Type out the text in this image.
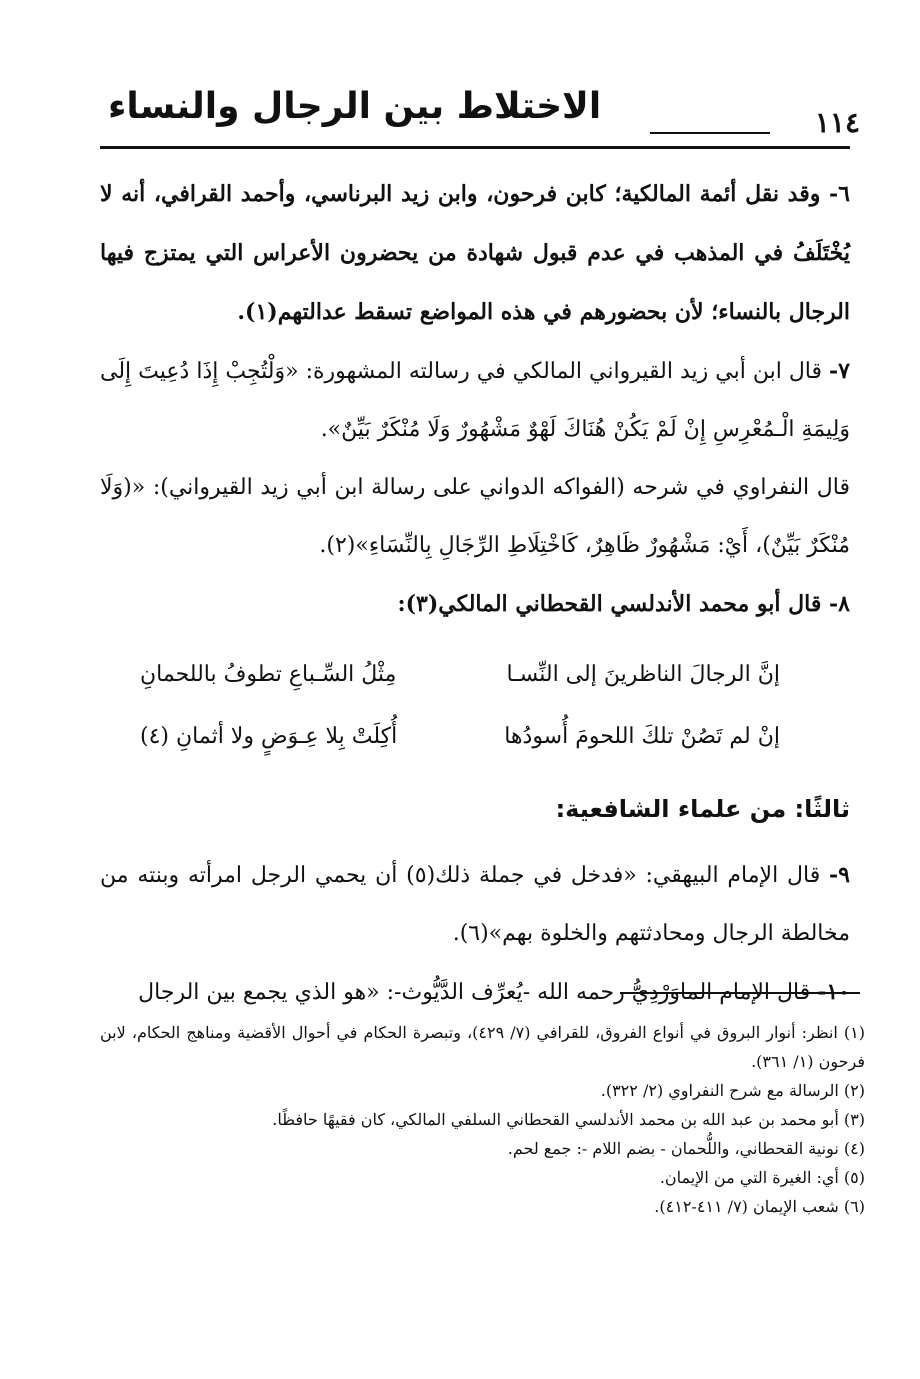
١١٤
الاختلاط بين الرجال والنساء

٦- وقد نقل أئمة المالكية؛ كابن فرحون، وابن زيد البرناسي، وأحمد القرافي، أنه لا يُخْتَلَفُ في المذهب في عدم قبول شهادة من يحضرون الأعراس التي يمتزج فيها الرجال بالنساء؛ لأن بحضورهم في هذه المواضع تسقط عدالتهم(١).

٧- قال ابن أبي زيد القيرواني المالكي في رسالته المشهورة: «وَلْتُجِبْ إِذَا دُعِيتَ إِلَى وَلِيمَةِ الْـمُعْرِسِ إِنْ لَمْ يَكُنْ هُنَاكَ لَهْوٌ مَشْهُورٌ وَلَا مُنْكَرٌ بَيِّنٌ».

قال النفراوي في شرحه (الفواكه الدواني على رسالة ابن أبي زيد القيرواني): «(وَلَا مُنْكَرٌ بَيِّنٌ)، أَيْ: مَشْهُورٌ ظَاهِرٌ، كَاخْتِلَاطِ الرِّجَالِ بِالنِّسَاءِ»(٢).

٨- قال أبو محمد الأندلسي القحطاني المالكي(٣):

إنَّ الرجالَ الناظرينَ إلى النِّسـا
مِثْلُ السِّـباعِ تطوفُ باللحمانِ
إنْ لم تَصُنْ تلكَ اللحومَ أُسودُها
أُكِلَتْ بِلا عِـوَضٍ ولا أثمانِ (٤)
ثالثًا: من علماء الشافعية:

٩- قال الإمام البيهقي: «فدخل في جملة ذلك(٥) أن يحمي الرجل امرأته وبنته من مخالطة الرجال ومحادثتهم والخلوة بهم»(٦).

١٠- قال الإمام الماوَرْدِيُّ رحمه الله -يُعرِّف الدَّيُّوث-: «هو الذي يجمع بين الرجال

(١) انظر: أنوار البروق في أنواع الفروق، للقرافي (٧/ ٤٢٩)، وتبصرة الحكام في أحوال الأقضية ومناهج الحكام، لابن فرحون (١/ ٣٦١).

(٢) الرسالة مع شرح النفراوي (٢/ ٣٢٢).

(٣) أبو محمد بن عبد الله بن محمد الأندلسي القحطاني السلفي المالكي، كان فقيهًا حافظًا.

(٤) نونية القحطاني، واللُّحمان - بضم اللام -: جمع لحم.

(٥) أي: الغيرة التي من الإيمان.

(٦) شعب الإيمان (٧/ ٤١١-٤١٢).
